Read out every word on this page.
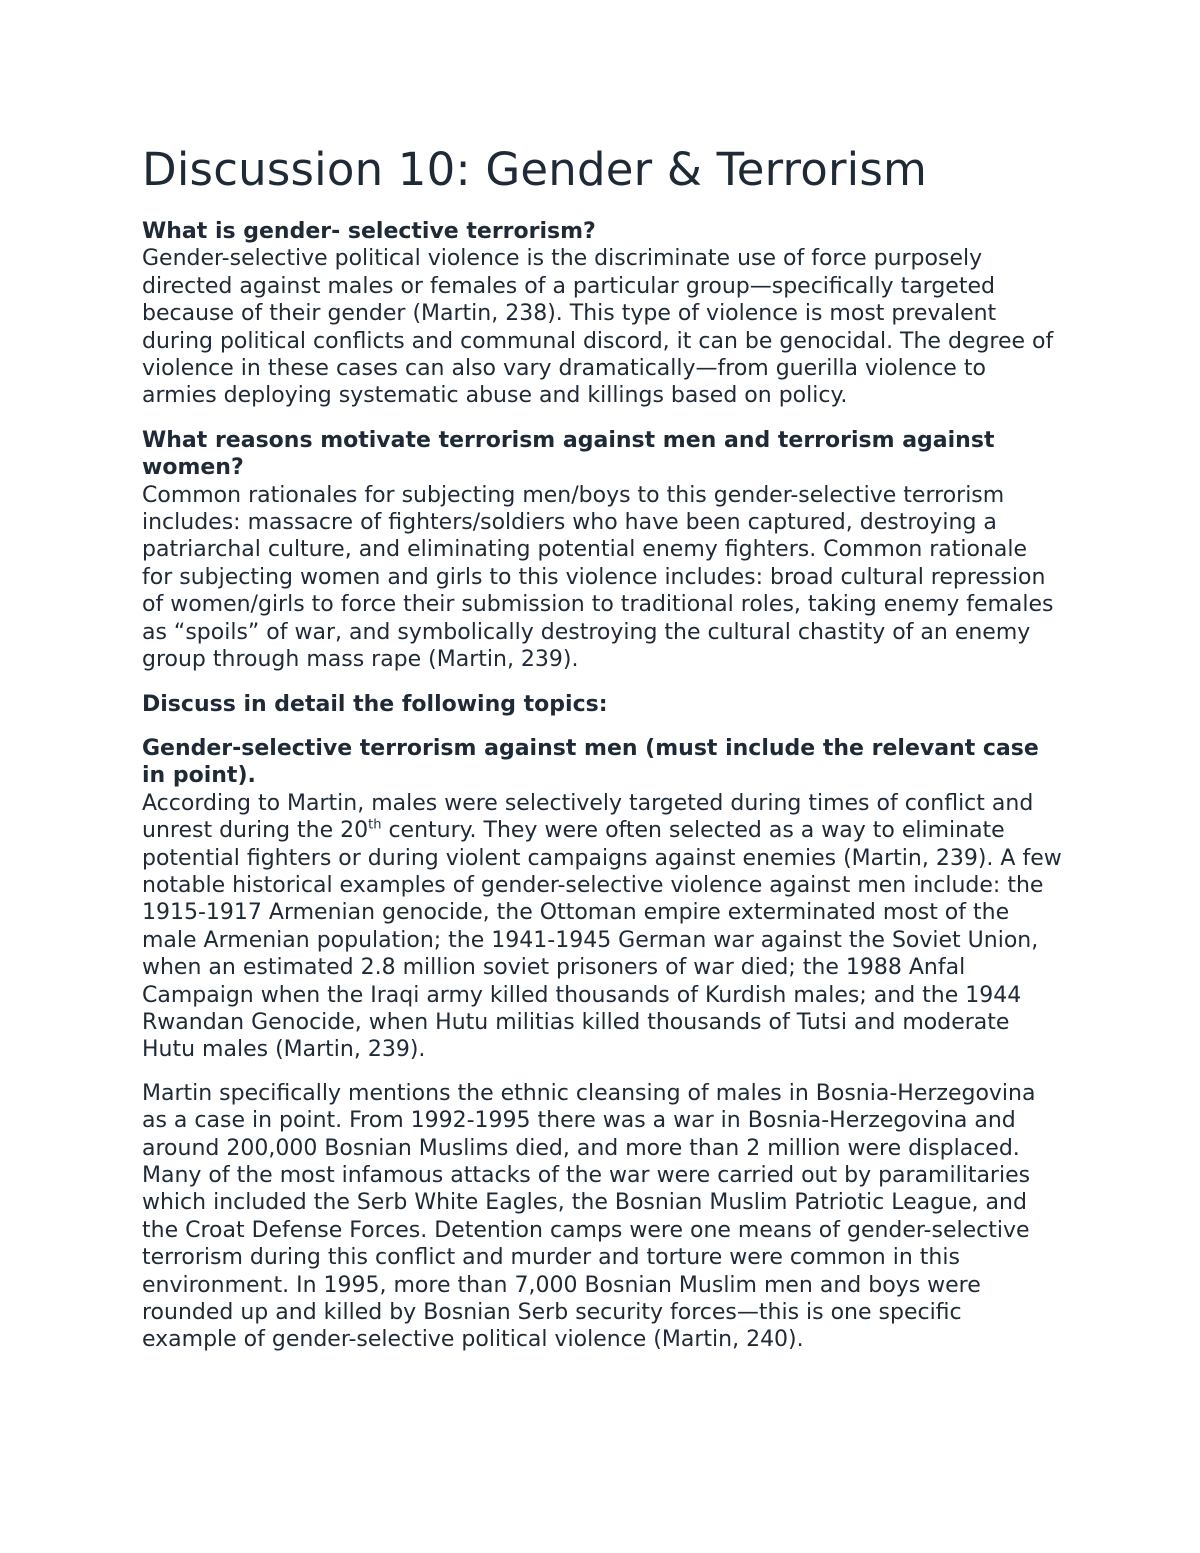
Discussion 10: Gender & Terrorism

What is gender- selective terrorism?

Gender-selective political violence is the discriminate use of force purposely directed against males or females of a particular group—specifically targeted because of their gender (Martin, 238). This type of violence is most prevalent during political conflicts and communal discord, it can be genocidal. The degree of violence in these cases can also vary dramatically—from guerilla violence to armies deploying systematic abuse and killings based on policy.

What reasons motivate terrorism against men and terrorism against women?

Common rationales for subjecting men/boys to this gender-selective terrorism includes: massacre of fighters/soldiers who have been captured, destroying a patriarchal culture, and eliminating potential enemy fighters. Common rationale for subjecting women and girls to this violence includes: broad cultural repression of women/girls to force their submission to traditional roles, taking enemy females as “spoils” of war, and symbolically destroying the cultural chastity of an enemy group through mass rape (Martin, 239).

Discuss in detail the following topics:

Gender-selective terrorism against men (must include the relevant case in point).

According to Martin, males were selectively targeted during times of conflict and unrest during the 20th century. They were often selected as a way to eliminate potential fighters or during violent campaigns against enemies (Martin, 239). A few notable historical examples of gender-selective violence against men include: the 1915-1917 Armenian genocide, the Ottoman empire exterminated most of the male Armenian population; the 1941-1945 German war against the Soviet Union, when an estimated 2.8 million soviet prisoners of war died; the 1988 Anfal Campaign when the Iraqi army killed thousands of Kurdish males; and the 1944 Rwandan Genocide, when Hutu militias killed thousands of Tutsi and moderate Hutu males (Martin, 239).

Martin specifically mentions the ethnic cleansing of males in Bosnia-Herzegovina as a case in point. From 1992-1995 there was a war in Bosnia-Herzegovina and around 200,000 Bosnian Muslims died, and more than 2 million were displaced. Many of the most infamous attacks of the war were carried out by paramilitaries which included the Serb White Eagles, the Bosnian Muslim Patriotic League, and the Croat Defense Forces. Detention camps were one means of gender-selective terrorism during this conflict and murder and torture were common in this environment. In 1995, more than 7,000 Bosnian Muslim men and boys were rounded up and killed by Bosnian Serb security forces—this is one specific example of gender-selective political violence (Martin, 240).
